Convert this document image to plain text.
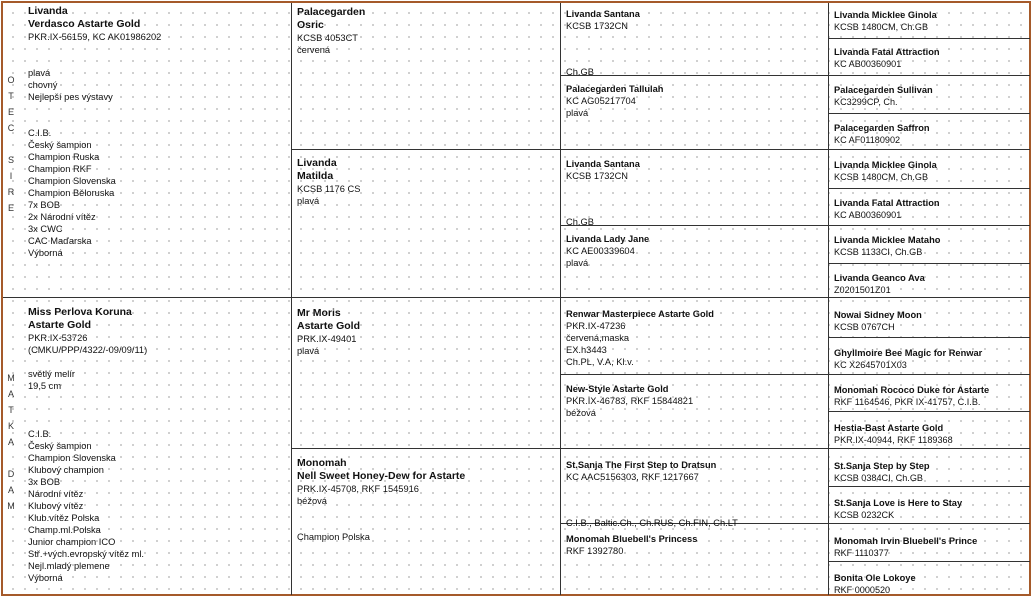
O
T
E
C
S
I
R
E
M
A
T
K
A
D
A
M

Livanda

Verdasco Astarte Gold

PKR.IX-56159, KC AK01986202

plavá

chovný

Nejlepší pes výstavy

C.I.B.

Český šampion

Champion Ruska

Champion RKF

Champion Slovenska

Champion Běloruska

7x BOB

2x Národní vítěz

3x CWC

CAC Maďarska

Výborná

Miss Perlova Koruna

Astarte Gold

PKR.IX-53726

(CMKU/PPP/4322/-09/09/11)

světlý melír

19,5 cm

C.I.B.

Český šampion

Champion Slovenska

Klubový champion

3x BOB

Národní vítěz

Klubový vítěz

Klub.vítěz Polska

Champ.ml.Polska

Junior champion ICO

Stř.+vých.evropský vítěz ml.

Nejl.mladý plemene

Výborná

Palacegarden

Osric

KCSB 4053CT

červená

Livanda

Matilda

KCSB 1176 CS

plavá

Mr Moris

Astarte Gold

PRK.IX-49401

plavá

Monomah

Nell Sweet Honey-Dew for Astarte

PRK.IX-45708, RKF 1545916

béžová

Champion Polska

Livanda Santana

KCSB 1732CN

Ch.GB

Palacegarden Tallulah

KC AG05217704

plavá

Livanda Santana

KCSB 1732CN

Ch.GB

Livanda Lady Jane

KC AE00339604

plavá

Renwar Masterpiece Astarte Gold

PKR.IX-47236

červená,maska

EX.h3443

Ch.PL, V.A, Kl.v.

New-Style Astarte Gold

PKR.IX-46783, RKF 15844821

béžová

St.Sanja The First Step to Dratsun

KC AAC5156303, RKF 1217667

C.I.B., Baltic.Ch., Ch.RUS, Ch.FIN, Ch.LT

Monomah Bluebell's Princess

RKF 1392780

Livanda Micklee Ginola

KCSB 1480CM, Ch.GB

Livanda Fatal Attraction

KC AB00360901

Palacegarden Sullivan

KC3299CP, Ch.

Palacegarden Saffron

KC AF01180902

Livanda Micklee Ginola

KCSB 1480CM, Ch.GB

Livanda Fatal Attraction

KC AB00360901

Livanda Micklee Mataho

KCSB 1133CI, Ch.GB

Livanda Geanco Ava

Z0201501Z01

Nowai Sidney Moon

KCSB 0767CH

Ghyllmoire Bee Magic for Renwar

KC X2645701X03

Monomah Rococo Duke for Astarte

RKF 1164546, PKR IX-41757, C.I.B.

Hestia-Bast Astarte Gold

PKR.IX-40944, RKF 1189368

St.Sanja Step by Step

KCSB 0384CI, Ch.GB

St.Sanja Love is Here to Stay

KCSB 0232CK

Monomah Irvin Bluebell's Prince

RKF 1110377

Bonita Ole Lokoye

RKF 0000520
